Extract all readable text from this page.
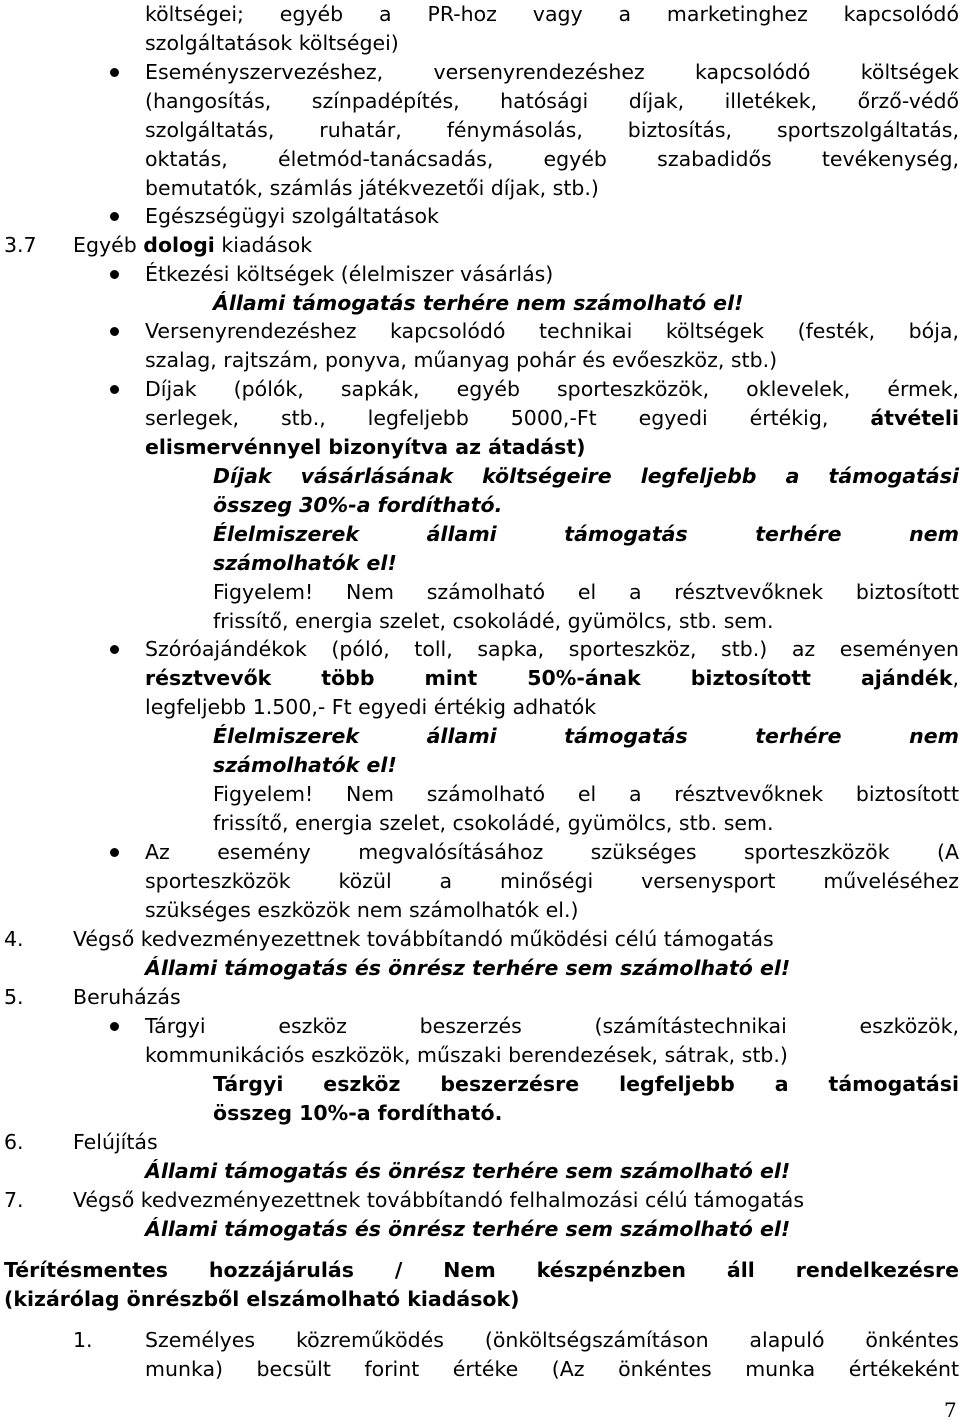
költségei; egyéb a PR-hoz vagy a marketinghez kapcsolódó
szolgáltatások költségei)
Eseményszervezéshez, versenyrendezéshez kapcsolódó költségek
(hangosítás, színpadépítés, hatósági díjak, illetékek, őrző-védő
szolgáltatás, ruhatár, fénymásolás, biztosítás, sportszolgáltatás,
oktatás, életmód-tanácsadás, egyéb szabadidős tevékenység,
bemutatók, számlás játékvezetői díjak, stb.)
Egészségügyi szolgáltatások
3.7 Egyéb dologi kiadások
Étkezési költségek (élelmiszer vásárlás)
Állami támogatás terhére nem számolható el!
Versenyrendezéshez kapcsolódó technikai költségek (festék, bója,
szalag, rajtszám, ponyva, műanyag pohár és evőeszköz, stb.)
Díjak (pólók, sapkák, egyéb sporteszközök, oklevelek, érmek,
serlegek, stb., legfeljebb 5000,-Ft egyedi értékig, átvételi
elismervénnyel bizonyítva az átadást)
Díjak vásárlásának költségeire legfeljebb a támogatási
összeg 30%-a fordítható.
Élelmiszerek állami támogatás terhére nem
számolhatók el!
Figyelem! Nem számolható el a résztvevőknek biztosított
frissítő, energia szelet, csokoládé, gyümölcs, stb. sem.
Szóróajándékok (póló, toll, sapka, sporteszköz, stb.) az eseményen
résztvevők több mint 50%-ának biztosított ajándék,
legfeljebb 1.500,- Ft egyedi értékig adhatók
Élelmiszerek állami támogatás terhére nem
számolhatók el!
Figyelem! Nem számolható el a résztvevőknek biztosított
frissítő, energia szelet, csokoládé, gyümölcs, stb. sem.
Az esemény megvalósításához szükséges sporteszközök (A
sporteszközök közül a minőségi versenysport műveléséhez
szükséges eszközök nem számolhatók el.)
4. Végső kedvezményezettnek továbbítandó működési célú támogatás
Állami támogatás és önrész terhére sem számolható el!
5. Beruházás
Tárgyi eszköz beszerzés (számítástechnikai eszközök,
kommunikációs eszközök, műszaki berendezések, sátrak, stb.)
Tárgyi eszköz beszerzésre legfeljebb a támogatási
összeg 10%-a fordítható.
6. Felújítás
Állami támogatás és önrész terhére sem számolható el!
7. Végső kedvezményezettnek továbbítandó felhalmozási célú támogatás
Állami támogatás és önrész terhére sem számolható el!
Térítésmentes hozzájárulás / Nem készpénzben áll rendelkezésre
(kizárólag önrészből elszámolható kiadások)
1.	Személyes közreműködés (önköltségszámításon alapuló önkéntes
munka) becsült forint értéke (Az önkéntes munka értékeként
7
